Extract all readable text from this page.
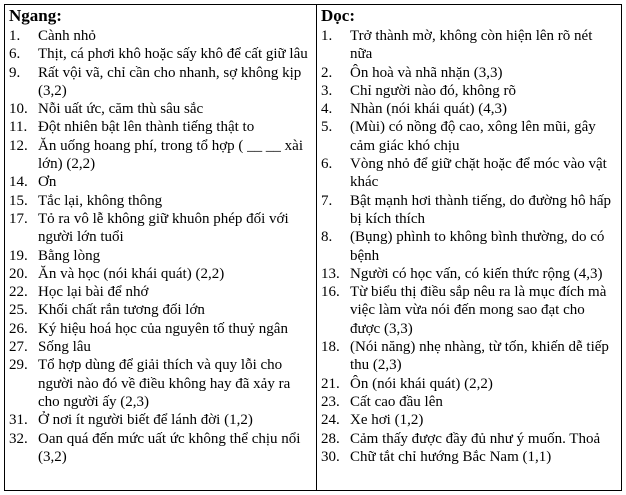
Ngang:
1.	Cành nhỏ
6.	Thịt, cá phơi khô hoặc sấy khô để cất giữ lâu
9.	Rất vội vã, chỉ cần cho nhanh, sợ không kịp (3,2)
10. Nỗi uất ức, căm thù sâu sắc
11. Đột nhiên bật lên thành tiếng thật to
12. Ăn uống hoang phí, trong tổ hợp ( __ __ xài lớn) (2,2)
14. Ơn
15. Tắc lại, không thông
17. Tỏ ra vô lễ không giữ khuôn phép đối với người lớn tuổi
19. Bằng lòng
20. Ăn và học (nói khái quát) (2,2)
22. Học lại bài để nhớ
25. Khối chất rắn tương đối lớn
26. Ký hiệu hoá học của nguyên tố thuỷ ngân
27. Sống lâu
29. Tổ hợp dùng để giải thích và quy lỗi cho người nào đó về điều không hay đã xảy ra cho người ấy (2,3)
31. Ở nơi ít người biết để lánh đời (1,2)
32. Oan quá đến mức uất ức không thể chịu nổi (3,2)
Dọc:
1.	Trở thành mờ, không còn hiện lên rõ nét nữa
2.	Ôn hoà và nhã nhặn (3,3)
3.	Chỉ người nào đó, không rõ
4.	Nhàn (nói khái quát) (4,3)
5.	(Mùi) có nồng độ cao, xông lên mũi, gây cảm giác khó chịu
6.	Vòng nhỏ để giữ chặt hoặc để móc vào vật khác
7.	Bật mạnh hơi thành tiếng, do đường hô hấp bị kích thích
8.	(Bụng) phình to không bình thường, do có bệnh
13. Người có học vấn, có kiến thức rộng (4,3)
16. Từ biểu thị điều sắp nêu ra là mục đích mà việc làm vừa nói đến mong sao đạt cho được (3,3)
18. (Nói năng) nhẹ nhàng, từ tốn, khiến dễ tiếp thu (2,3)
21. Ôn (nói khái quát) (2,2)
23. Cất cao đầu lên
24. Xe hơi (1,2)
28. Cảm thấy được đầy đủ như ý muốn. Thoả
30. Chữ tắt chỉ hướng Bắc Nam (1,1)
